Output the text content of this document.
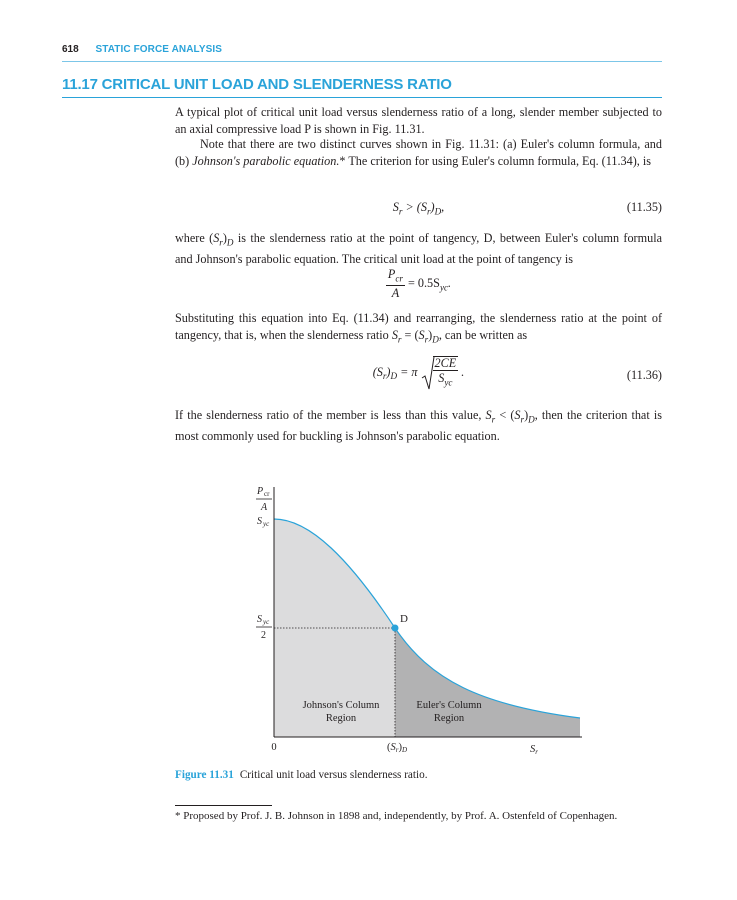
618 STATIC FORCE ANALYSIS
11.17 CRITICAL UNIT LOAD AND SLENDERNESS RATIO

A typical plot of critical unit load versus slenderness ratio of a long, slender member subjected to an axial compressive load P is shown in Fig. 11.31.

Note that there are two distinct curves shown in Fig. 11.31: (a) Euler's column formula, and (b) Johnson's parabolic equation.* The criterion for using Euler's column formula, Eq. (11.34), is

$S_r > (S_r)_D$,	(11.35)

where $(S_r)_D$ is the slenderness ratio at the point of tangency, D, between Euler's column formula and Johnson's parabolic equation. The critical unit load at the point of tangency is

$\frac{P_{cr}}{A} = 0.5S_{yc}$.

Substituting this equation into Eq. (11.34) and rearranging, the slenderness ratio at the point of tangency, that is, when the slenderness ratio $S_r = (S_r)_D$, can be written as

$(S_r)_D = \pi \frac{2CE}{S_{yc}}$ .	(11.36)

If the slenderness ratio of the member is less than this value, $S_r < (S_r)_D$, then the criterion that is most commonly used for buckling is Johnson's parabolic equation.

D
P cr
A
S yc
S yc
2
Johnson's Column
Region
Euler's Column
Region
0	(Sr)D	Sr
Figure 11.31 Critical unit load versus slenderness ratio.
* Proposed by Prof. J. B. Johnson in 1898 and, independently, by Prof. A. Ostenfeld of Copenhagen.
